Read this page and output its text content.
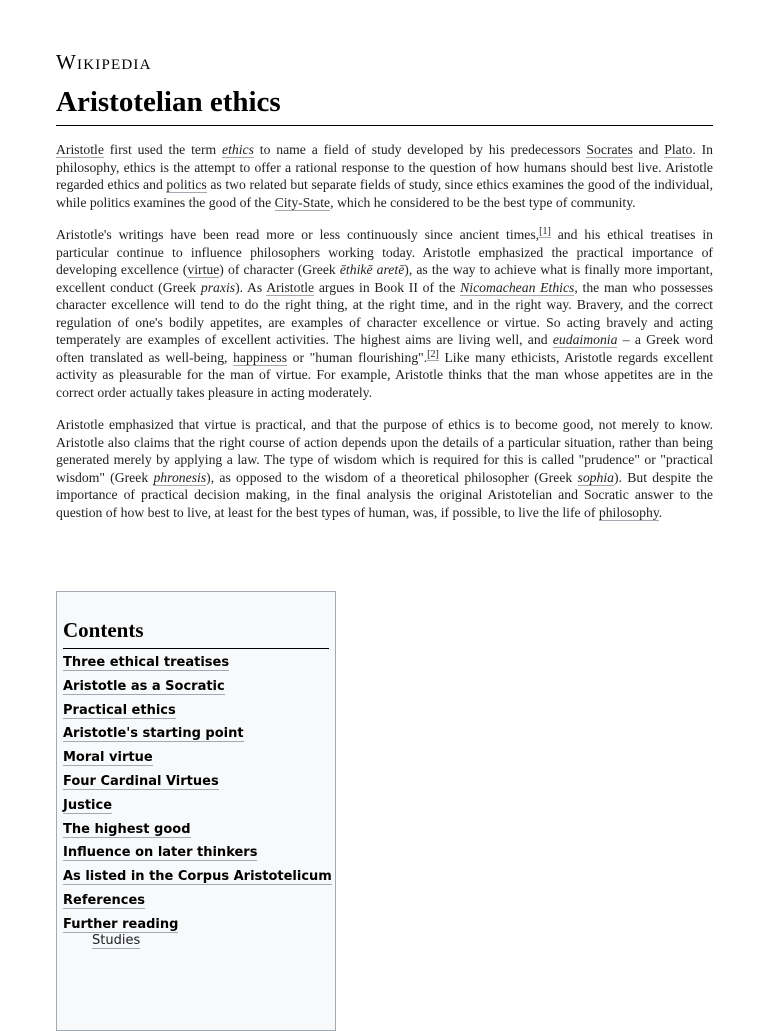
Wikipedia
Aristotelian ethics

Aristotle first used the term ethics to name a field of study developed by his predecessors Socrates and Plato. In philosophy, ethics is the attempt to offer a rational response to the question of how humans should best live. Aristotle regarded ethics and politics as two related but separate fields of study, since ethics examines the good of the individual, while politics examines the good of the City-State, which he considered to be the best type of community.

Aristotle's writings have been read more or less continuously since ancient times,[1] and his ethical treatises in particular continue to influence philosophers working today. Aristotle emphasized the practical importance of developing excellence (virtue) of character (Greek ēthikē aretē), as the way to achieve what is finally more important, excellent conduct (Greek praxis). As Aristotle argues in Book II of the Nicomachean Ethics, the man who possesses character excellence will tend to do the right thing, at the right time, and in the right way. Bravery, and the correct regulation of one's bodily appetites, are examples of character excellence or virtue. So acting bravely and acting temperately are examples of excellent activities. The highest aims are living well, and eudaimonia – a Greek word often translated as well-being, happiness or "human flourishing".[2] Like many ethicists, Aristotle regards excellent activity as pleasurable for the man of virtue. For example, Aristotle thinks that the man whose appetites are in the correct order actually takes pleasure in acting moderately.

Aristotle emphasized that virtue is practical, and that the purpose of ethics is to become good, not merely to know. Aristotle also claims that the right course of action depends upon the details of a particular situation, rather than being generated merely by applying a law. The type of wisdom which is required for this is called "prudence" or "practical wisdom" (Greek phronesis), as opposed to the wisdom of a theoretical philosopher (Greek sophia). But despite the importance of practical decision making, in the final analysis the original Aristotelian and Socratic answer to the question of how best to live, at least for the best types of human, was, if possible, to live the life of philosophy.

Contents
Three ethical treatises
Aristotle as a Socratic
Practical ethics
Aristotle's starting point
Moral virtue
Four Cardinal Virtues
Justice
The highest good
Influence on later thinkers
As listed in the Corpus Aristotelicum
References
Further reading
Studies
